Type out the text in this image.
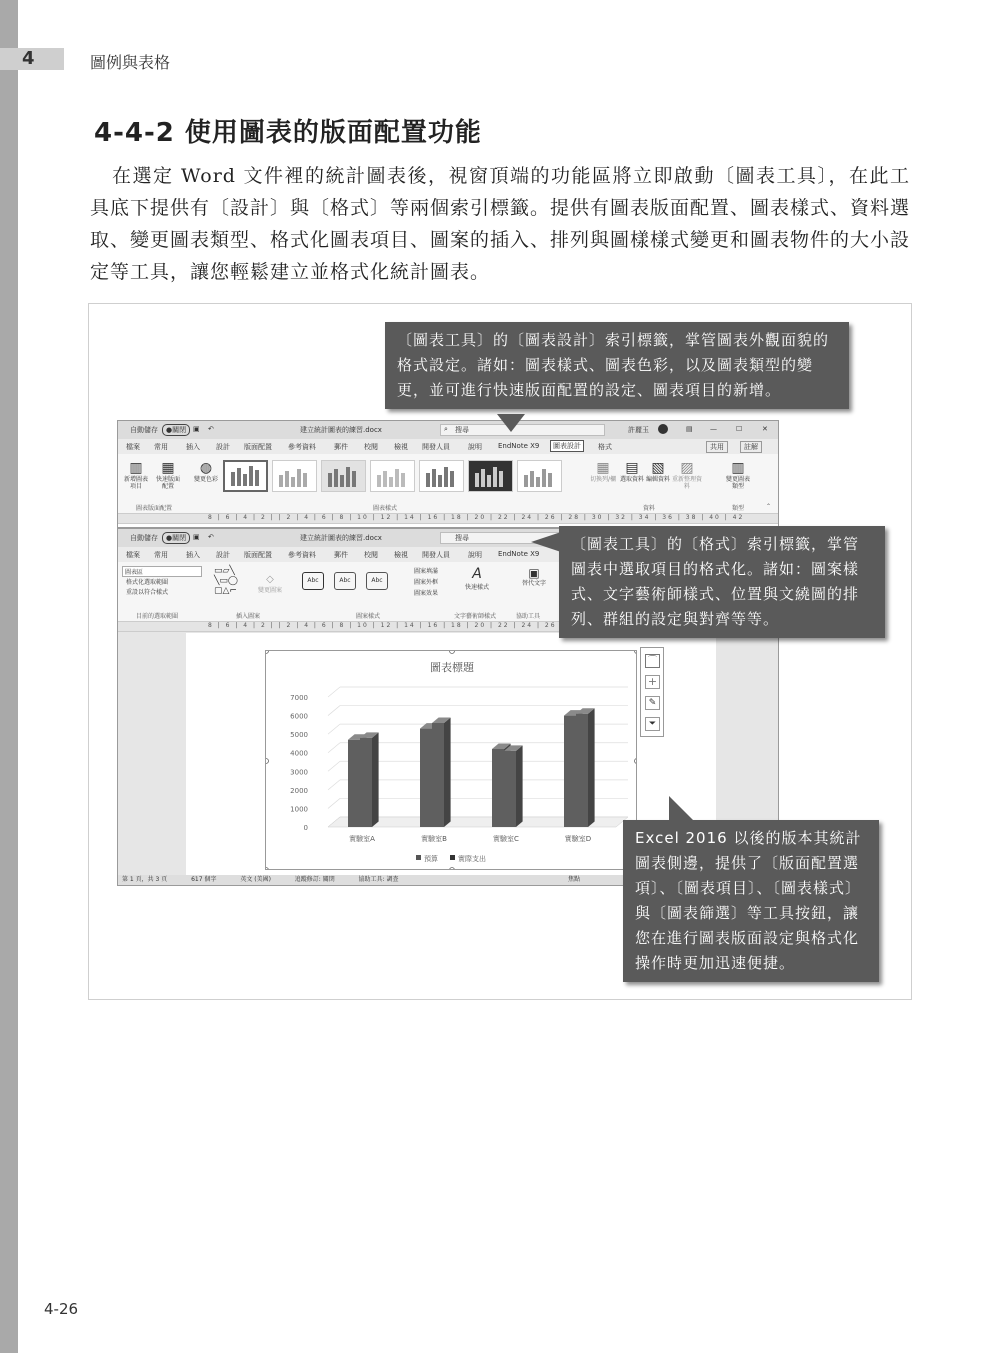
4	圖例與表格
4-4-2 使用圖表的版面配置功能

在選定 Word 文件裡的統計圖表後，視窗頂端的功能區將立即啟動〔圖表工具〕，在此工具底下提供有〔設計〕與〔格式〕等兩個索引標籤。提供有圖表版面配置、圖表樣式、資料選取、變更圖表類型、格式化圖表項目、圖案的插入、排列與圖樣樣式變更和圖表物件的大小設定等工具，讓您輕鬆建立並格式化統計圖表。

自動儲存	●關閉 ▣ ↶	建立統計圖表的練習.docx	搜尋
⌕	許麗玉	▤ —	☐	✕
檔案 常用	插入 設計 版面配置 參考資料	郵件 校閱 檢視 開發人員	說明 EndNote X9	圖表設計	格式	共用	註解
▥
新增圖表項目
▦
快速版面配置
◍
變更色彩
圖表版面配置	圖表樣式
▦
切換列/欄
▤
選取資料
▧
編輯資料
▨
重新整理資料
資料
▥
變更圖表類型
類型	⌃
8 | 6 | 4 | 2 | | 2 | 4 | 6 | 8 | 10 | 12 | 14 | 16 | 18 | 20 | 22 | 24 | 26 | 28 | 30 | 32 | 34 | 36 | 38 | 40 | 42
自動儲存	●關閉 ▣ ↶	建立統計圖表的練習.docx	搜尋
檔案 常用	插入 設計 版面配置 參考資料	郵件 校閱 檢視 開發人員	說明 EndNote X9
圖表區
格式化選取範圍
重設以符合樣式
目前的選取範圍
▭▱╲
╲▭◯
▢△⌐
◇
變更圖案
插入圖案
Abc	Abc	Abc
圖案填滿
圖案外框
圖案效果
圖案樣式
A
快速樣式
文字藝術師樣式
▣
替代文字
協助工具
8 | 6 | 4 | 2 | | 2 | 4 | 6 | 8 | 10 | 12 | 14 | 16 | 18 | 20 | 22 | 24 | 26
圖表標題
0
1000
2000
3000
4000
5000
6000
7000
實驗室A	實驗室B	實驗室C	實驗室D
預算	實際支出
⌒
+
✎
⏷
第 1 頁，共 3 頁	617 個字	英文 (美國)	追蹤修訂: 關閉	協助工具: 調查	焦點
〔圖表工具〕的〔圖表設計〕索引標籤，掌管圖表外觀面貌的格式設定。諸如：圖表樣式、圖表色彩，以及圖表類型的變更，並可進行快速版面配置的設定、圖表項目的新增。
〔圖表工具〕的〔格式〕索引標籤，掌管圖表中選取項目的格式化。諸如：圖案樣式、文字藝術師樣式、位置與文繞圖的排列、群組的設定與對齊等等。
Excel 2016 以後的版本其統計圖表側邊，提供了〔版面配置選項〕、〔圖表項目〕、〔圖表樣式〕與〔圖表篩選〕等工具按鈕，讓您在進行圖表版面設定與格式化操作時更加迅速便捷。
4-26
